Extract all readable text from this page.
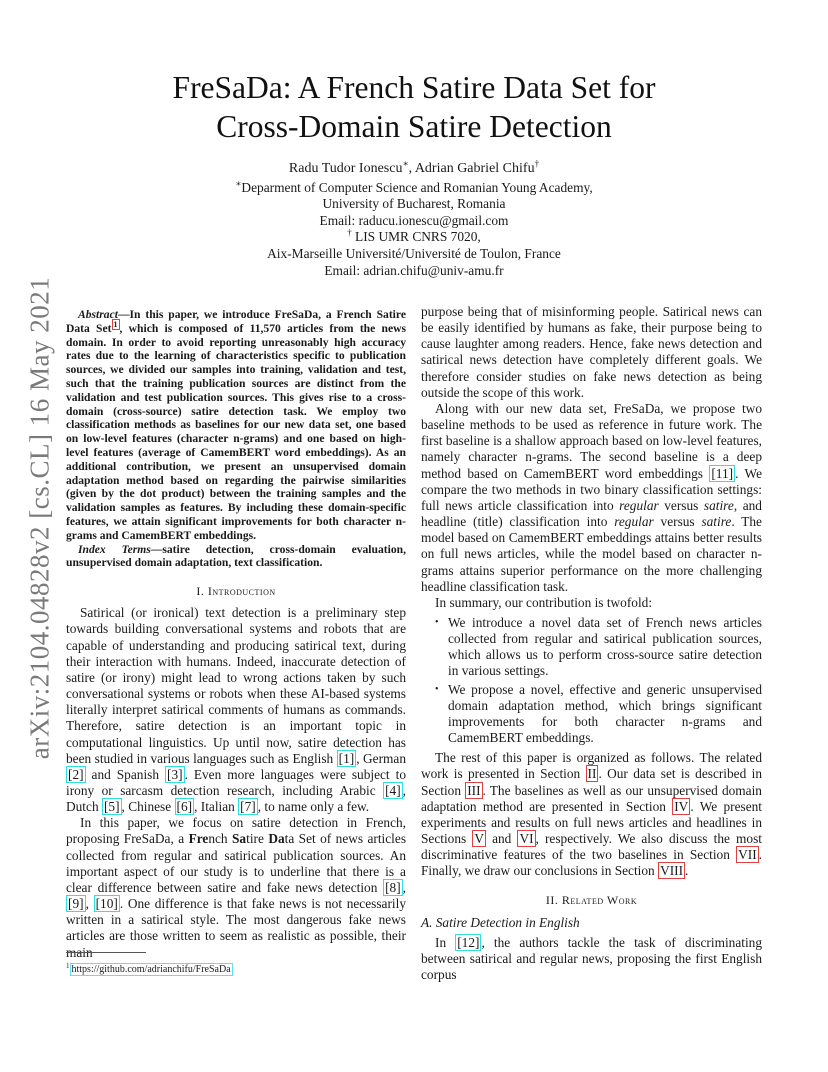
arXiv:2104.04828v2 [cs.CL] 16 May 2021
FreSaDa: A French Satire Data Set for
Cross-Domain Satire Detection
Radu Tudor Ionescu∗, Adrian Gabriel Chifu†
∗Deparment of Computer Science and Romanian Young Academy,
University of Bucharest, Romania
Email: raducu.ionescu@gmail.com
† LIS UMR CNRS 7020,
Aix-Marseille Université/Université de Toulon, France
Email: adrian.chifu@univ-amu.fr

Abstract—In this paper, we introduce FreSaDa, a French Satire Data Set $^1$ , which is composed of 11,570 articles from the news domain. In order to avoid reporting unreasonably high accuracy rates due to the learning of characteristics specific to publication sources, we divided our samples into training, validation and test, such that the training publication sources are distinct from the validation and test publication sources. This gives rise to a cross-domain (cross-source) satire detection task. We employ two classification methods as baselines for our new data set, one based on low-level features (character n-grams) and one based on high-level features (average of CamemBERT word embeddings). As an additional contribution, we present an unsupervised domain adaptation method based on regarding the pairwise similarities (given by the dot product) between the training samples and the validation samples as features. By including these domain-specific features, we attain significant improvements for both character n-grams and CamemBERT embeddings.

Index Terms—satire detection, cross-domain evaluation, unsupervised domain adaptation, text classification.

I. Introduction

Satirical (or ironical) text detection is a preliminary step towards building conversational systems and robots that are capable of understanding and producing satirical text, during their interaction with humans. Indeed, inaccurate detection of satire (or irony) might lead to wrong actions taken by such conversational systems or robots when these AI-based systems literally interpret satirical comments of humans as commands. Therefore, satire detection is an important topic in computational linguistics. Up until now, satire detection has been studied in various languages such as English [1] , German [2] and Spanish [3] . Even more languages were subject to irony or sarcasm detection research, including Arabic [4] , Dutch [5] , Chinese [6] , Italian [7] , to name only a few.

In this paper, we focus on satire detection in French, proposing FreSaDa, a French Satire Data Set of news articles collected from regular and satirical publication sources. An important aspect of our study is to underline that there is a clear difference between satire and fake news detection [8] , [9] , [10] . One difference is that fake news is not necessarily written in a satirical style. The most dangerous fake news articles are those written to seem as realistic as possible, their main

purpose being that of misinforming people. Satirical news can be easily identified by humans as fake, their purpose being to cause laughter among readers. Hence, fake news detection and satirical news detection have completely different goals. We therefore consider studies on fake news detection as being outside the scope of this work.

Along with our new data set, FreSaDa, we propose two baseline methods to be used as reference in future work. The first baseline is a shallow approach based on low-level features, namely character n-grams. The second baseline is a deep method based on CamemBERT word embeddings [11] . We compare the two methods in two binary classification settings: full news article classification into regular versus satire, and headline (title) classification into regular versus satire. The model based on CamemBERT embeddings attains better results on full news articles, while the model based on character n-grams attains superior performance on the more challenging headline classification task.

In summary, our contribution is twofold:

• We introduce a novel data set of French news articles collected from regular and satirical publication sources, which allows us to perform cross-source satire detection in various settings.
• We propose a novel, effective and generic unsupervised domain adaptation method, which brings significant improvements for both character n-grams and CamemBERT embeddings.

The rest of this paper is organized as follows. The related work is presented in Section II . Our data set is described in Section III . The baselines as well as our unsupervised domain adaptation method are presented in Section IV . We present experiments and results on full news articles and headlines in Sections V and VI , respectively. We also discuss the most discriminative features of the two baselines in Section VII . Finally, we draw our conclusions in Section VIII .

II. Related Work
A. Satire Detection in English

In [12] , the authors tackle the task of discriminating between satirical and regular news, proposing the first English corpus

$^1$ https://github.com/adrianchifu/FreSaDa
